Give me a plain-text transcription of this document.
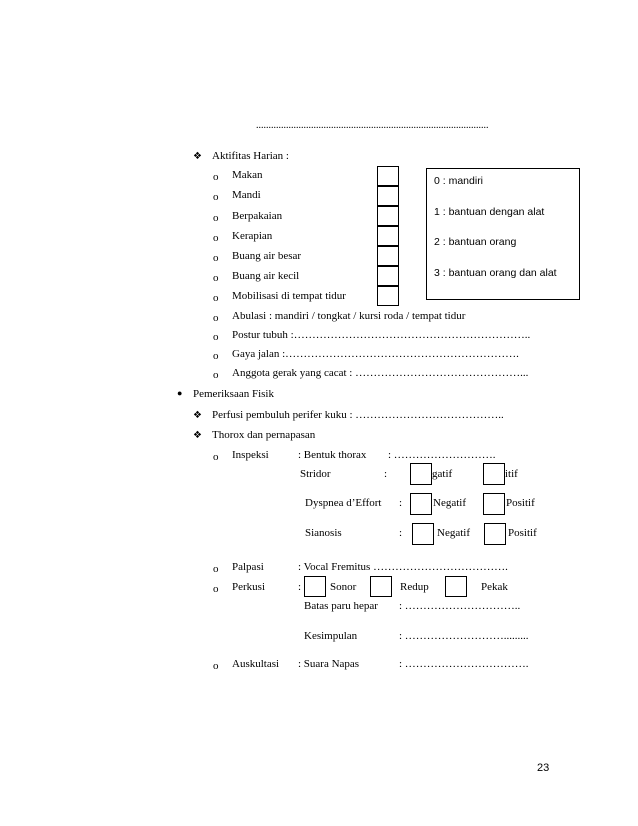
.............................................................................................
❖ Aktifitas Harian :
o Makan
o Mandi
o Berpakaian
o Kerapian
o Buang air besar
o Buang air kecil
o Mobilisasi di tempat tidur
o Abulasi : mandiri / tongkat / kursi roda / tempat tidur
o Postur tubuh :………………………………………………………..
o Gaya jalan :……………………………………………………….
o Anggota gerak yang cacat : ………………………………………...
0 : mandiri
1 : bantuan dengan alat
2 : bantuan orang
3 : bantuan orang dan alat
● Pemeriksaan Fisik
❖ Perfusi pembuluh perifer kuku : …………………………………..
❖ Thorox dan pernapasan
o Inspeksi	: Bentuk thorax : ……………………….
Stridor	:	gatif	itif
Dyspnea d’Effort :	Negatif	Positif
Sianosis	:	Negatif	Positif
o Palpasi	: Vocal Fremitus ……………………………….
o Perkusi	:	Sonor	Redup	Pekak
Batas paru hepar : …………………………..
Kesimpulan	: ……………………….........
o Auskultasi : Suara Napas	: …………………………….
23
